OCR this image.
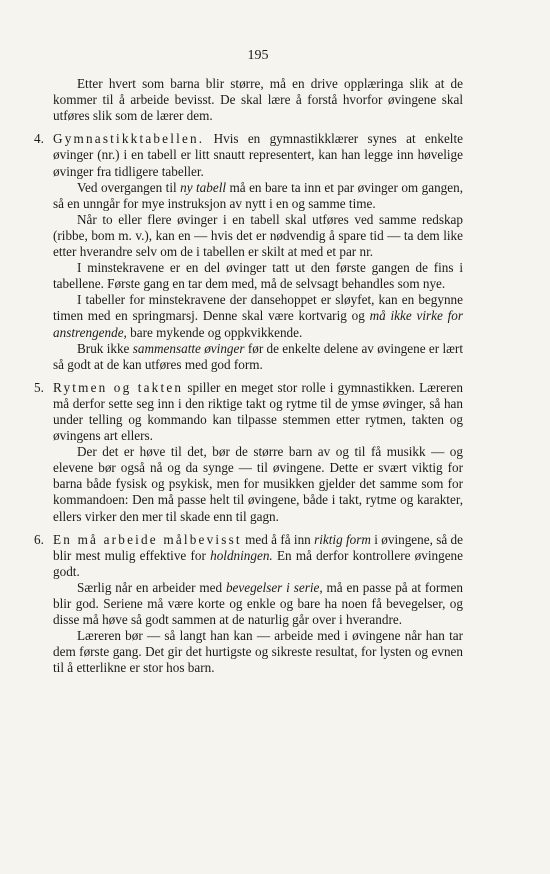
195

Etter hvert som barna blir større, må en drive opplæringa slik at de kommer til å arbeide bevisst. De skal lære å forstå hvorfor øvingene skal utføres slik som de lærer dem.

4. Gymnastikktabellen. Hvis en gymnastikklærer synes at enkelte øvinger (nr.) i en tabell er litt snautt representert, kan han legge inn høvelige øvinger fra tidligere tabeller.

Ved overgangen til ny tabell må en bare ta inn et par øvinger om gangen, så en unngår for mye instruksjon av nytt i en og samme time.

Når to eller flere øvinger i en tabell skal utføres ved samme redskap (ribbe, bom m. v.), kan en — hvis det er nødvendig å spare tid — ta dem like etter hverandre selv om de i tabellen er skilt at med et par nr.

I minstekravene er en del øvinger tatt ut den første gangen de fins i tabellene. Første gang en tar dem med, må de selvsagt behandles som nye.

I tabeller for minstekravene der dansehoppet er sløyfet, kan en begynne timen med en springmarsj. Denne skal være kortvarig og må ikke virke for anstrengende, bare mykende og oppkvikkende.

Bruk ikke sammensatte øvinger før de enkelte delene av øvingene er lært så godt at de kan utføres med god form.

5. Rytmen og takten spiller en meget stor rolle i gymnastikken. Læreren må derfor sette seg inn i den riktige takt og rytme til de ymse øvinger, så han under telling og kommando kan tilpasse stemmen etter rytmen, takten og øvingens art ellers.

Der det er høve til det, bør de større barn av og til få musikk — og elevene bør også nå og da synge — til øvingene. Dette er svært viktig for barna både fysisk og psykisk, men for musikken gjelder det samme som for kommandoen: Den må passe helt til øvingene, både i takt, rytme og karakter, ellers virker den mer til skade enn til gagn.

6. En må arbeide målbevisst med å få inn riktig form i øvingene, så de blir mest mulig effektive for holdningen. En må derfor kontrollere øvingene godt.

Særlig når en arbeider med bevegelser i serie, må en passe på at formen blir god. Seriene må være korte og enkle og bare ha noen få bevegelser, og disse må høve så godt sammen at de naturlig går over i hverandre.

Læreren bør — så langt han kan — arbeide med i øvingene når han tar dem første gang. Det gir det hurtigste og sikreste resultat, for lysten og evnen til å etterlikne er stor hos barn.
